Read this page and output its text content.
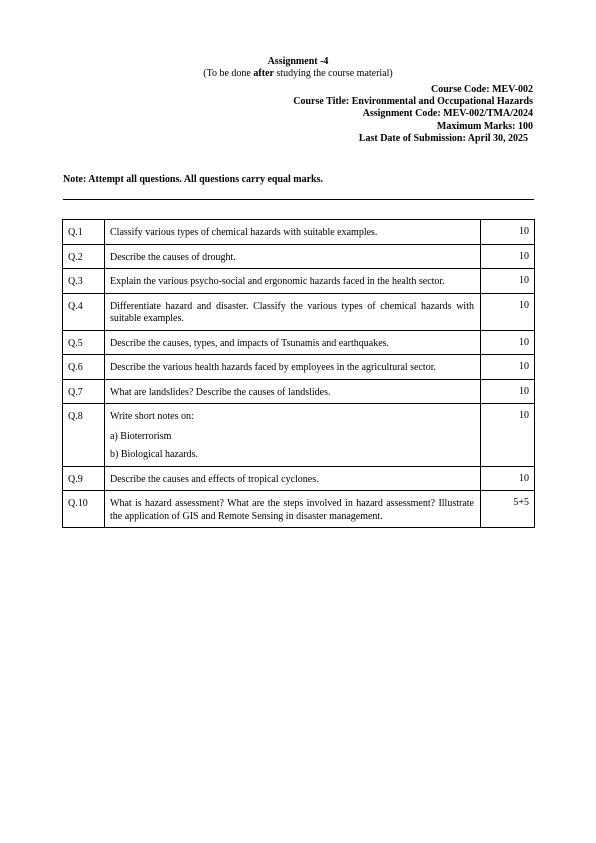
Assignment -4
(To be done after studying the course material)
Course Code: MEV-002
Course Title: Environmental and Occupational Hazards
Assignment Code: MEV-002/TMA/2024
Maximum Marks: 100
Last Date of Submission: April 30, 2025
Note: Attempt all questions. All questions carry equal marks.
Q.1	Classify various types of chemical hazards with suitable examples.	10
Q.2	Describe the causes of drought.	10
Q.3	Explain the various psycho-social and ergonomic hazards faced in the health sector.	10
Q.4	Differentiate hazard and disaster. Classify the various types of chemical hazards with suitable examples.	10
Q.5	Describe the causes, types, and impacts of Tsunamis and earthquakes.	10
Q.6	Describe the various health hazards faced by employees in the agricultural sector.	10
Q.7	What are landslides? Describe the causes of landslides.	10
Q.8	Write short notes on:
a) Bioterrorism
b) Biological hazards.	10
Q.9	Describe the causes and effects of tropical cyclones.	10
Q.10	What is hazard assessment? What are the steps involved in hazard assessment? Illustrate the application of GIS and Remote Sensing in disaster management.	5+5
